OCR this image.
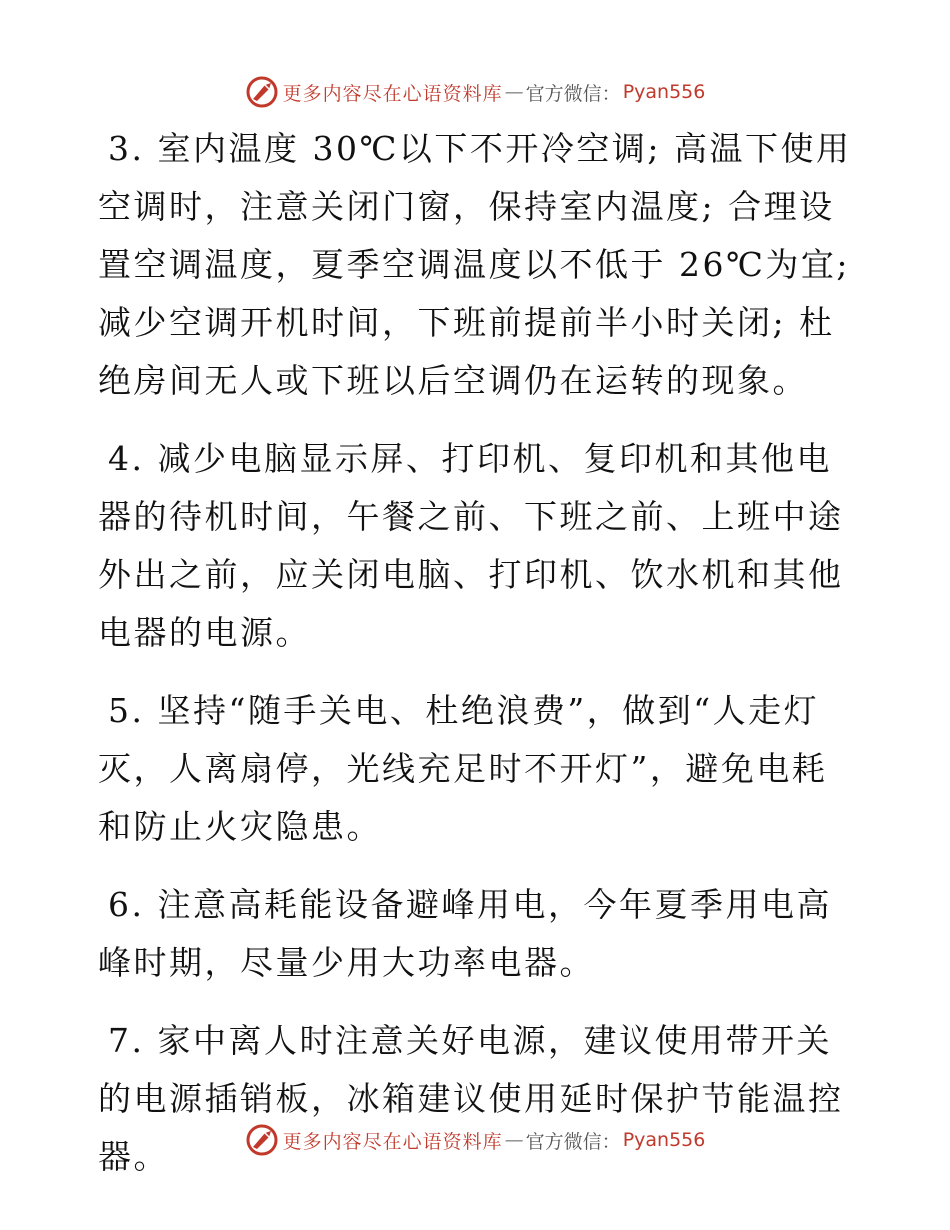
更多内容尽在心语资料库 — 官方微信： Pyan556

3. 室内温度 30℃以下不开冷空调; 高温下使用空调时，注意关闭门窗，保持室内温度; 合理设置空调温度，夏季空调温度以不低于 26℃为宜; 减少空调开机时间，下班前提前半小时关闭; 杜绝房间无人或下班以后空调仍在运转的现象。

4. 减少电脑显示屏、打印机、复印机和其他电器的待机时间，午餐之前、下班之前、上班中途外出之前，应关闭电脑、打印机、饮水机和其他电器的电源。

5. 坚持“随手关电、杜绝浪费”，做到“人走灯灭，人离扇停，光线充足时不开灯”，避免电耗和防止火灾隐患。

6. 注意高耗能设备避峰用电，今年夏季用电高峰时期，尽量少用大功率电器。

7. 家中离人时注意关好电源，建议使用带开关的电源插销板，冰箱建议使用延时保护节能温控器。	更多内容尽在心语资料库 — 官方微信： Pyan556
